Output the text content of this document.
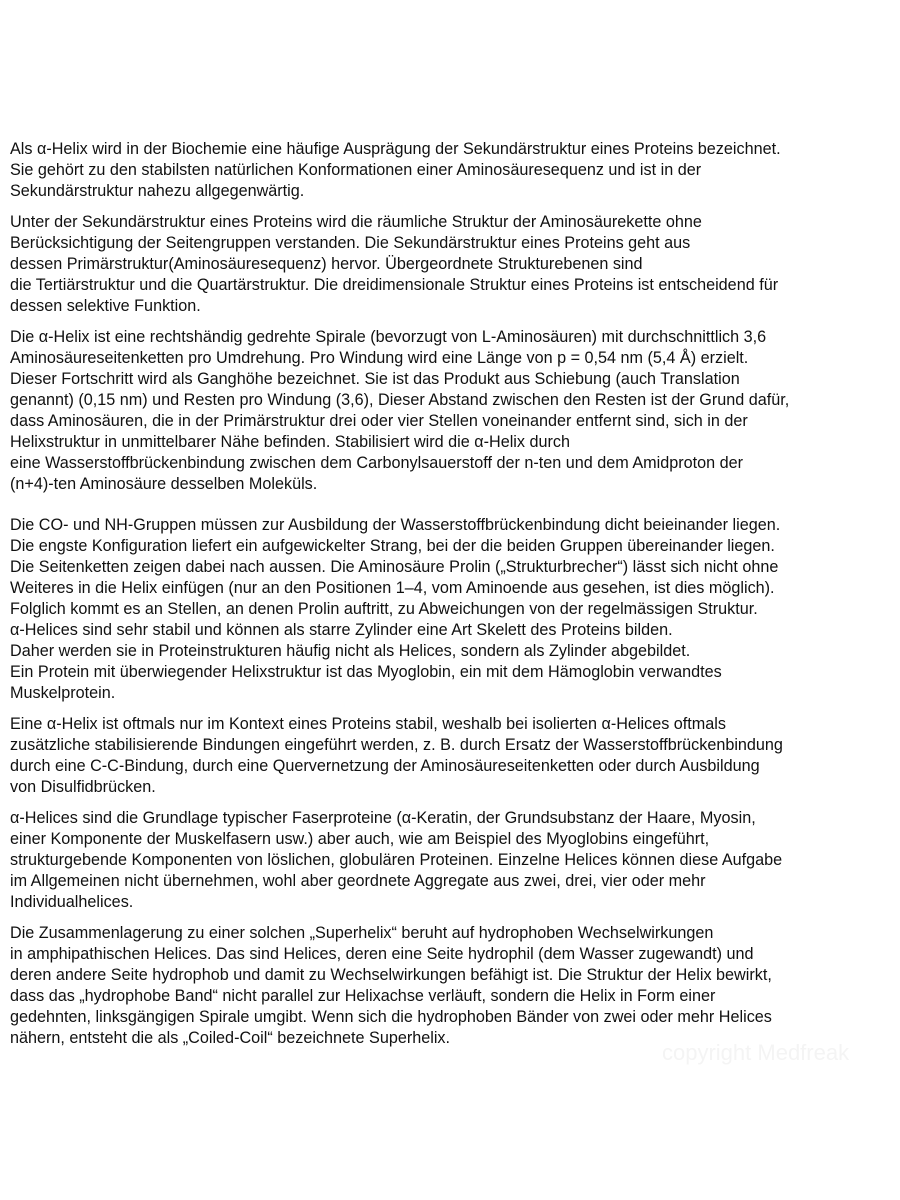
Als α-Helix wird in der Biochemie eine häufige Ausprägung der Sekundärstruktur eines Proteins bezeichnet.
Sie gehört zu den stabilsten natürlichen Konformationen einer Aminosäuresequenz und ist in der
Sekundärstruktur nahezu allgegenwärtig.

Unter der Sekundärstruktur eines Proteins wird die räumliche Struktur der Aminosäurekette ohne
Berücksichtigung der Seitengruppen verstanden. Die Sekundärstruktur eines Proteins geht aus
dessen Primärstruktur(Aminosäuresequenz) hervor. Übergeordnete Strukturebenen sind
die Tertiärstruktur und die Quartärstruktur. Die dreidimensionale Struktur eines Proteins ist entscheidend für
dessen selektive Funktion.

Die α-Helix ist eine rechtshändig gedrehte Spirale (bevorzugt von L-Aminosäuren) mit durchschnittlich 3,6
Aminosäureseitenketten pro Umdrehung. Pro Windung wird eine Länge von p = 0,54 nm (5,4 Å) erzielt.
Dieser Fortschritt wird als Ganghöhe bezeichnet. Sie ist das Produkt aus Schiebung (auch Translation
genannt) (0,15 nm) und Resten pro Windung (3,6), Dieser Abstand zwischen den Resten ist der Grund dafür,
dass Aminosäuren, die in der Primärstruktur drei oder vier Stellen voneinander entfernt sind, sich in der
Helixstruktur in unmittelbarer Nähe befinden. Stabilisiert wird die α-Helix durch
eine Wasserstoffbrückenbindung zwischen dem Carbonylsauerstoff der n-ten und dem Amidproton der
(n+4)-ten Aminosäure desselben Moleküls.

Die CO- und NH-Gruppen müssen zur Ausbildung der Wasserstoffbrückenbindung dicht beieinander liegen.
Die engste Konfiguration liefert ein aufgewickelter Strang, bei der die beiden Gruppen übereinander liegen.
Die Seitenketten zeigen dabei nach aussen. Die Aminosäure Prolin („Strukturbrecher“) lässt sich nicht ohne
Weiteres in die Helix einfügen (nur an den Positionen 1–4, vom Aminoende aus gesehen, ist dies möglich).
Folglich kommt es an Stellen, an denen Prolin auftritt, zu Abweichungen von der regelmässigen Struktur.
α-Helices sind sehr stabil und können als starre Zylinder eine Art Skelett des Proteins bilden.
Daher werden sie in Proteinstrukturen häufig nicht als Helices, sondern als Zylinder abgebildet.
Ein Protein mit überwiegender Helixstruktur ist das Myoglobin, ein mit dem Hämoglobin verwandtes
Muskelprotein.

Eine α-Helix ist oftmals nur im Kontext eines Proteins stabil, weshalb bei isolierten α-Helices oftmals
zusätzliche stabilisierende Bindungen eingeführt werden, z. B. durch Ersatz der Wasserstoffbrückenbindung
durch eine C-C-Bindung, durch eine Quervernetzung der Aminosäureseitenketten oder durch Ausbildung
von Disulfidbrücken.

α-Helices sind die Grundlage typischer Faserproteine (α-Keratin, der Grundsubstanz der Haare, Myosin,
einer Komponente der Muskelfasern usw.) aber auch, wie am Beispiel des Myoglobins eingeführt,
strukturgebende Komponenten von löslichen, globulären Proteinen. Einzelne Helices können diese Aufgabe
im Allgemeinen nicht übernehmen, wohl aber geordnete Aggregate aus zwei, drei, vier oder mehr
Individualhelices.

Die Zusammenlagerung zu einer solchen „Superhelix“ beruht auf hydrophoben Wechselwirkungen
in amphipathischen Helices. Das sind Helices, deren eine Seite hydrophil (dem Wasser zugewandt) und
deren andere Seite hydrophob und damit zu Wechselwirkungen befähigt ist. Die Struktur der Helix bewirkt,
dass das „hydrophobe Band“ nicht parallel zur Helixachse verläuft, sondern die Helix in Form einer
gedehnten, linksgängigen Spirale umgibt. Wenn sich die hydrophoben Bänder von zwei oder mehr Helices
nähern, entsteht die als „Coiled-Coil“ bezeichnete Superhelix.

copyright Medfreak
